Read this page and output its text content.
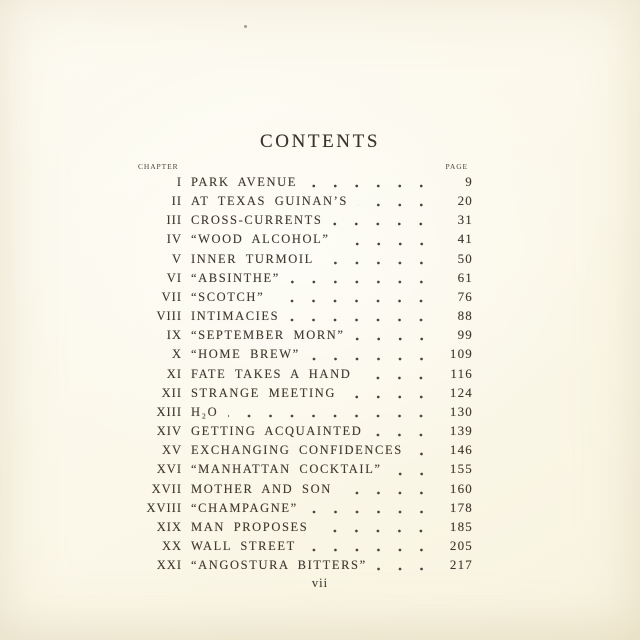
CONTENTS
CHAPTER	PAGE
I PARK AVENUE	9
II AT TEXAS GUINAN’S	20
III CROSS-CURRENTS	31
IV “WOOD ALCOHOL”	41
V INNER TURMOIL	50
VI “ABSINTHE”	61
VII “SCOTCH”	76
VIII INTIMACIES	88
IX “SEPTEMBER MORN”	99
X “HOME BREW”	109
XI FATE TAKES A HAND	116
XII STRANGE MEETING	124
XIII H₂O	130
XIV GETTING ACQUAINTED	139
XV EXCHANGING CONFIDENCES	146
XVI “MANHATTAN COCKTAIL”	155
XVII MOTHER AND SON	160
XVIII “CHAMPAGNE”	178
XIX MAN PROPOSES	185
XX WALL STREET	205
XXI “ANGOSTURA BITTERS”	217
vii
